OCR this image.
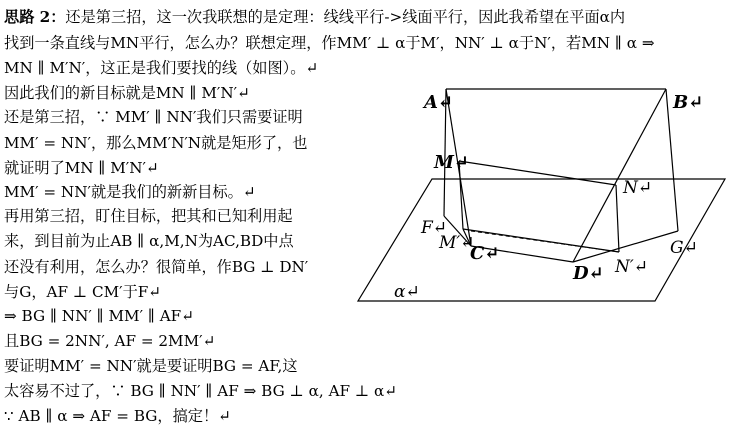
思路 2：还是第三招，这一次我联想的是定理：线线平行->线面平行，因此我希望在平面α内
找到一条直线与MN平行，怎么办？联想定理，作MM′ ⊥ α于M′，NN′ ⊥ α于N′，若MN ∥ α ⇒
MN ∥ M′N′，这正是我们要找的线（如图）。↵
因此我们的新目标就是MN ∥ M′N′↵
还是第三招，∵ MM′ ∥ NN′我们只需要证明
MM′ = NN′，那么MM′N′N就是矩形了，也
就证明了MN ∥ M′N′↵
MM′ = NN′就是我们的新新目标。↵
再用第三招，盯住目标，把其和已知利用起
来，到目前为止AB ∥ α,M,N为AC,BD中点
还没有利用，怎么办？很简单，作BG ⊥ DN′
与G，AF ⊥ CM′于F↵
⇒ BG ∥ NN′ ∥ MM′ ∥ AF↵
且BG = 2NN′, AF = 2MM′↵
要证明MM′ = NN′就是要证明BG = AF,这
太容易不过了，∵ BG ∥ NN′ ∥ AF ⇒ BG ⊥ α, AF ⊥ α↵
∵ AB ∥ α ⇒ AF = BG，搞定！↵
A↵	B↵
M↵
N↵
F↵
M′↵
C↵
D↵ N′↵
G↵
α↵
